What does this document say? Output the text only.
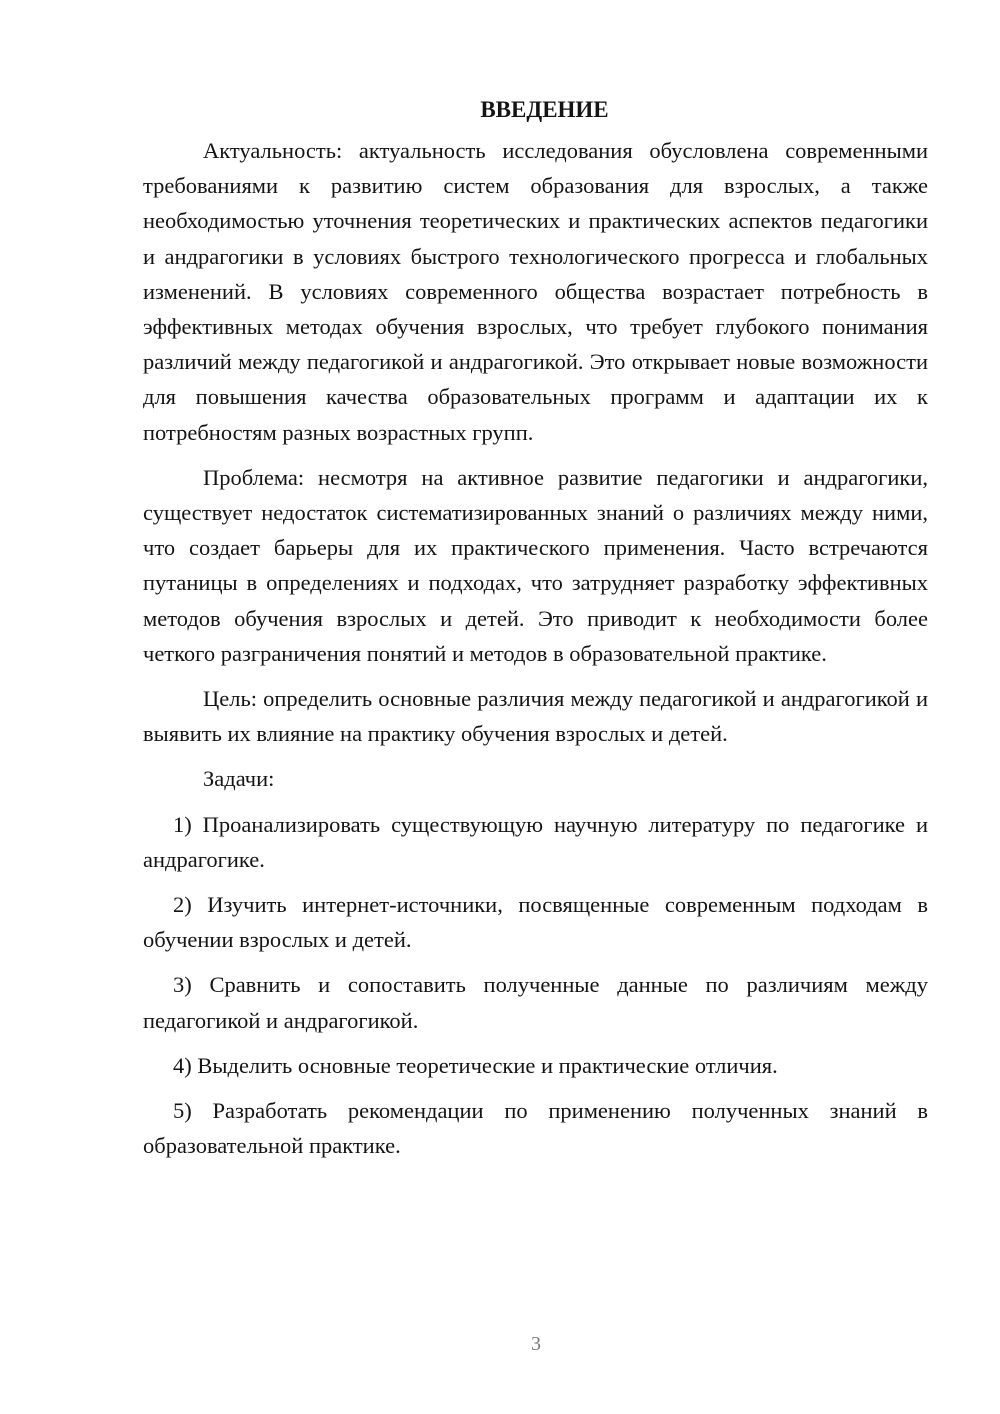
ВВЕДЕНИЕ

Актуальность: актуальность исследования обусловлена современными требованиями к развитию систем образования для взрослых, а также необходимостью уточнения теоретических и практических аспектов педагогики и андрагогики в условиях быстрого технологического прогресса и глобальных изменений. В условиях современного общества возрастает потребность в эффективных методах обучения взрослых, что требует глубокого понимания различий между педагогикой и андрагогикой. Это открывает новые возможности для повышения качества образовательных программ и адаптации их к потребностям разных возрастных групп.

Проблема: несмотря на активное развитие педагогики и андрагогики, существует недостаток систематизированных знаний о различиях между ними, что создает барьеры для их практического применения. Часто встречаются путаницы в определениях и подходах, что затрудняет разработку эффективных методов обучения взрослых и детей. Это приводит к необходимости более четкого разграничения понятий и методов в образовательной практике.

Цель: определить основные различия между педагогикой и андрагогикой и выявить их влияние на практику обучения взрослых и детей.

Задачи:

1) Проанализировать существующую научную литературу по педагогике и андрагогике.

2) Изучить интернет-источники, посвященные современным подходам в обучении взрослых и детей.

3) Сравнить и сопоставить полученные данные по различиям между педагогикой и андрагогикой.

4) Выделить основные теоретические и практические отличия.

5) Разработать рекомендации по применению полученных знаний в образовательной практике.

3
